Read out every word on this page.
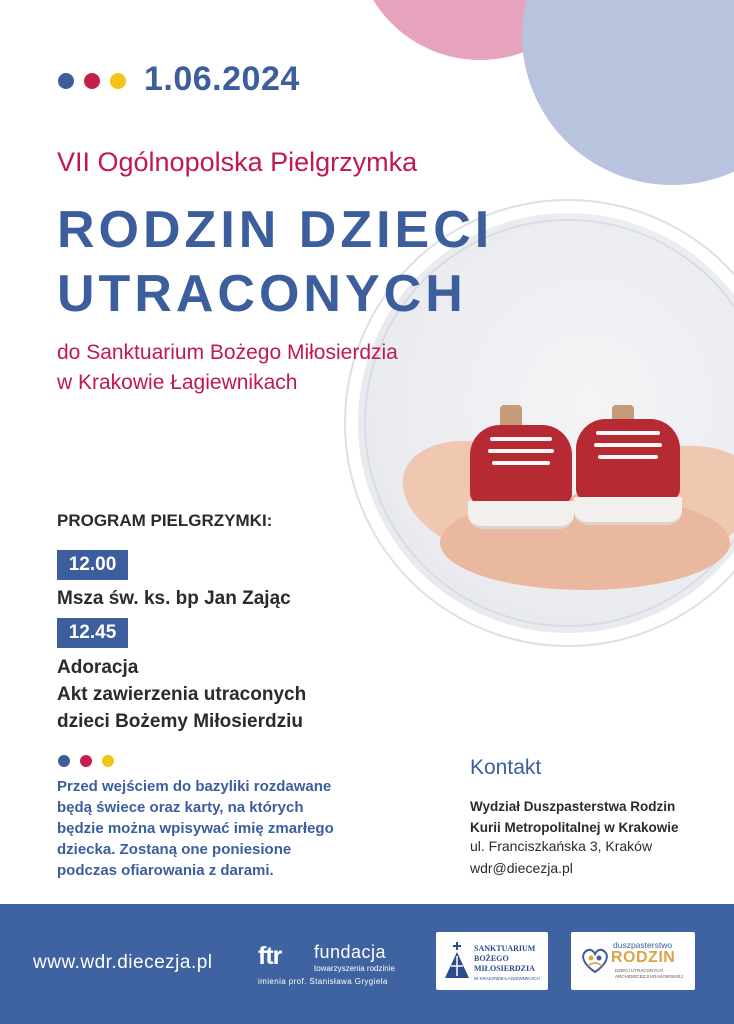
1.06.2024
VII Ogólnopolska Pielgrzymka
RODZIN DZIECI
UTRACONYCH
do Sanktuarium Bożego Miłosierdzia
w Krakowie Łagiewnikach
PROGRAM PIELGRZYMKI:
12.00
Msza św. ks. bp Jan Zając
12.45
Adoracja
Akt zawierzenia utraconych
dzieci Bożemy Miłosierdziu
Przed wejściem do bazyliki rozdawane
będą świece oraz karty, na których
będzie można wpisywać imię zmarłego
dziecka. Zostaną one poniesione
podczas ofiarowania z darami.
Kontakt
Wydział Duszpasterstwa Rodzin
Kurii Metropolitalnej w Krakowie
ul. Franciszkańska 3, Kraków
wdr@diecezja.pl
www.wdr.diecezja.pl ftr fundacja
towarzyszenia rodzinie
imienia prof. Stanisława Grygiela
SANKTUARIUM
BOŻEGO
MIŁOSIERDZIA
W KRAKOWIE-ŁAGIEWNIKACH
duszpasterstwo
RODZIN
DZIECI UTRACONYCH
ARCHIDIECEZJI KRAKOWSKIEJ
